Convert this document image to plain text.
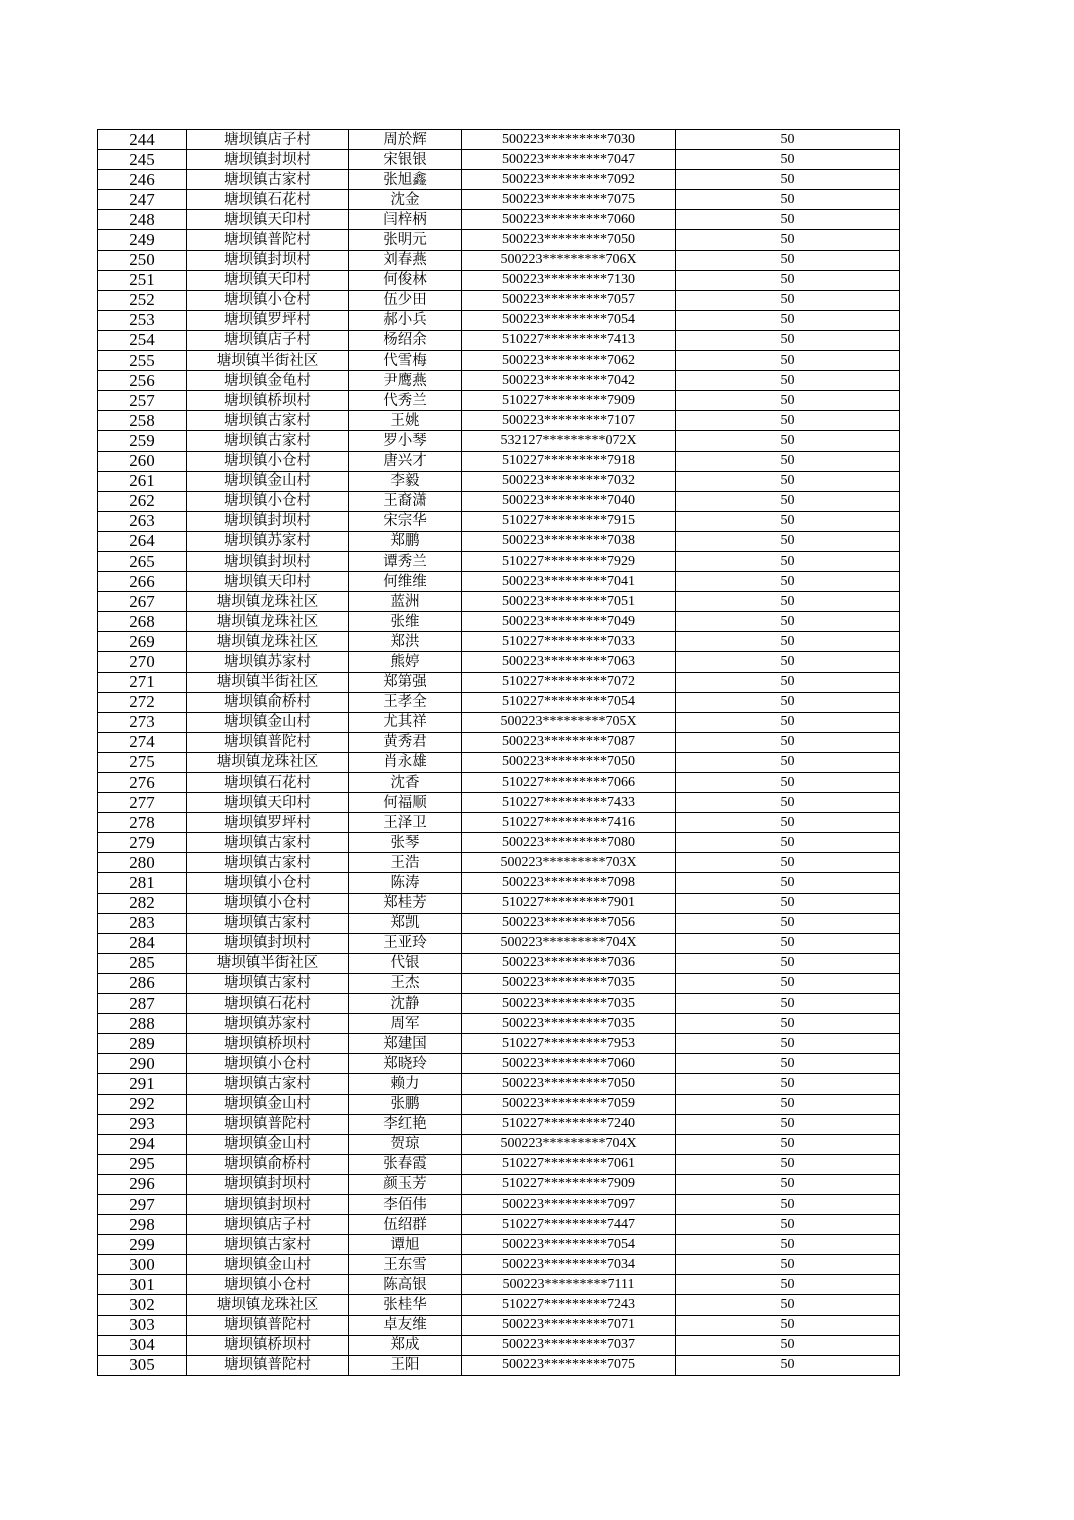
244	塘坝镇店子村	周於辉	500223*********7030	50
245	塘坝镇封坝村	宋银银	500223*********7047	50
246	塘坝镇古家村	张旭鑫	500223*********7092	50
247	塘坝镇石花村	沈金	500223*********7075	50
248	塘坝镇天印村	闫梓柄	500223*********7060	50
249	塘坝镇普陀村	张明元	500223*********7050	50
250	塘坝镇封坝村	刘春燕	500223*********706X	50
251	塘坝镇天印村	何俊林	500223*********7130	50
252	塘坝镇小仓村	伍少田	500223*********7057	50
253	塘坝镇罗坪村	郝小兵	500223*********7054	50
254	塘坝镇店子村	杨绍余	510227*********7413	50
255	塘坝镇半街社区	代雪梅	500223*********7062	50
256	塘坝镇金龟村	尹鹰燕	500223*********7042	50
257	塘坝镇桥坝村	代秀兰	510227*********7909	50
258	塘坝镇古家村	王姚	500223*********7107	50
259	塘坝镇古家村	罗小琴	532127*********072X	50
260	塘坝镇小仓村	唐兴才	510227*********7918	50
261	塘坝镇金山村	李毅	500223*********7032	50
262	塘坝镇小仓村	王裔潇	500223*********7040	50
263	塘坝镇封坝村	宋宗华	510227*********7915	50
264	塘坝镇苏家村	郑鹏	500223*********7038	50
265	塘坝镇封坝村	谭秀兰	510227*********7929	50
266	塘坝镇天印村	何维维	500223*********7041	50
267	塘坝镇龙珠社区	蓝洲	500223*********7051	50
268	塘坝镇龙珠社区	张维	500223*********7049	50
269	塘坝镇龙珠社区	郑洪	510227*********7033	50
270	塘坝镇苏家村	熊婷	500223*********7063	50
271	塘坝镇半街社区	郑第强	510227*********7072	50
272	塘坝镇俞桥村	王孝全	510227*********7054	50
273	塘坝镇金山村	尤其祥	500223*********705X	50
274	塘坝镇普陀村	黄秀君	500223*********7087	50
275	塘坝镇龙珠社区	肖永雄	500223*********7050	50
276	塘坝镇石花村	沈香	510227*********7066	50
277	塘坝镇天印村	何福顺	510227*********7433	50
278	塘坝镇罗坪村	王泽卫	510227*********7416	50
279	塘坝镇古家村	张琴	500223*********7080	50
280	塘坝镇古家村	王浩	500223*********703X	50
281	塘坝镇小仓村	陈涛	500223*********7098	50
282	塘坝镇小仓村	郑桂芳	510227*********7901	50
283	塘坝镇古家村	郑凯	500223*********7056	50
284	塘坝镇封坝村	王亚玲	500223*********704X	50
285	塘坝镇半街社区	代银	500223*********7036	50
286	塘坝镇古家村	王杰	500223*********7035	50
287	塘坝镇石花村	沈静	500223*********7035	50
288	塘坝镇苏家村	周军	500223*********7035	50
289	塘坝镇桥坝村	郑建国	510227*********7953	50
290	塘坝镇小仓村	郑晓玲	500223*********7060	50
291	塘坝镇古家村	赖力	500223*********7050	50
292	塘坝镇金山村	张鹏	500223*********7059	50
293	塘坝镇普陀村	李红艳	510227*********7240	50
294	塘坝镇金山村	贺琼	500223*********704X	50
295	塘坝镇俞桥村	张春霞	510227*********7061	50
296	塘坝镇封坝村	颜玉芳	510227*********7909	50
297	塘坝镇封坝村	李佰伟	500223*********7097	50
298	塘坝镇店子村	伍绍群	510227*********7447	50
299	塘坝镇古家村	谭旭	500223*********7054	50
300	塘坝镇金山村	王东雪	500223*********7034	50
301	塘坝镇小仓村	陈高银	500223*********7111	50
302	塘坝镇龙珠社区	张桂华	510227*********7243	50
303	塘坝镇普陀村	卓友维	500223*********7071	50
304	塘坝镇桥坝村	郑成	500223*********7037	50
305	塘坝镇普陀村	王阳	500223*********7075	50
